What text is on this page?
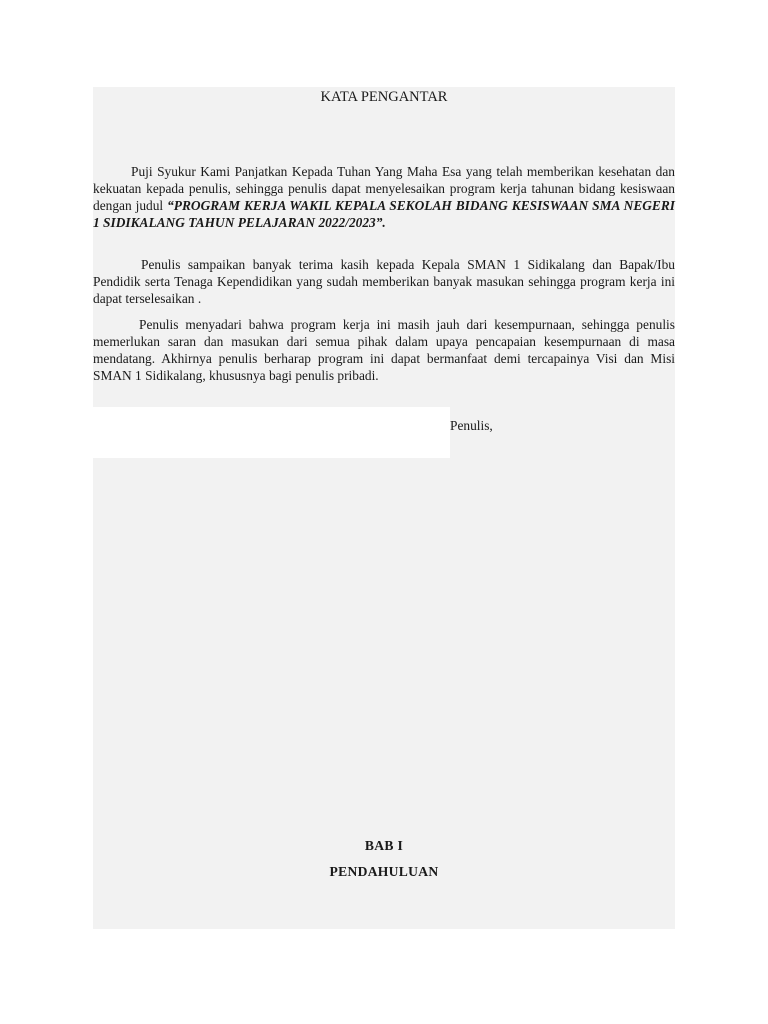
KATA PENGANTAR

Puji Syukur Kami Panjatkan Kepada Tuhan Yang Maha Esa yang telah memberikan kesehatan dan kekuatan kepada penulis, sehingga penulis dapat menyelesaikan program kerja tahunan bidang kesiswaan dengan judul “PROGRAM KERJA WAKIL KEPALA SEKOLAH BIDANG KESISWAAN SMA NEGERI 1 SIDIKALANG TAHUN PELAJARAN 2022/2023”.

Penulis sampaikan banyak terima kasih kepada Kepala SMAN 1 Sidikalang dan Bapak/Ibu Pendidik serta Tenaga Kependidikan yang sudah memberikan banyak masukan sehingga program kerja ini dapat terselesaikan .

Penulis menyadari bahwa program kerja ini masih jauh dari kesempurnaan, sehingga penulis memerlukan saran dan masukan dari semua pihak dalam upaya pencapaian kesempurnaan di masa mendatang. Akhirnya penulis berharap program ini dapat bermanfaat demi tercapainya Visi dan Misi SMAN 1 Sidikalang, khususnya bagi penulis pribadi.

Penulis,
BAB I
PENDAHULUAN
